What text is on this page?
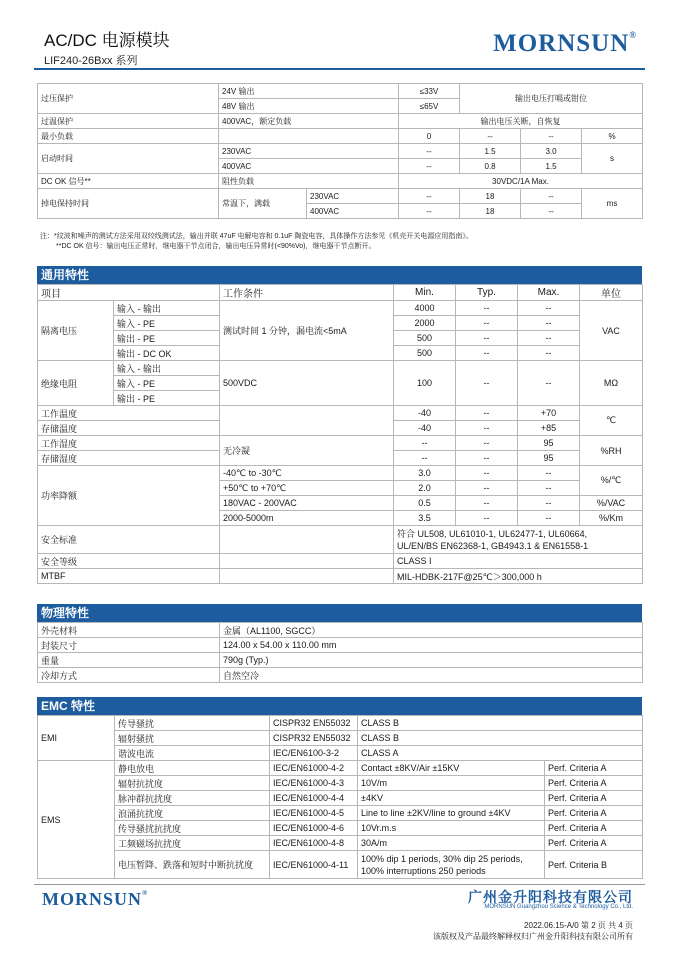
AC/DC 电源模块
LIF240-26Bxx 系列
MORNSUN®
过压保护	24V 输出		≤33V	输出电压打嗝或钳位		
	48V 输出		≤65V			
过温保护	400VAC，额定负载		输出电压关断，自恢复			
最小负载			0	--	--	%
启动时间	230VAC		--	1.5	3.0	s
	400VAC		--	0.8	1.5	
DC OK 信号**	阻性负载		30VDC/1A Max.			
掉电保持时间	常温下，满载	230VAC	--	18	--	ms
		400VAC	--	18	--	
注：*纹波和噪声的测试方法采用双绞线测试法，输出并联 47uF 电解电容和 0.1uF 陶瓷电容，具体操作方法参见《机壳开关电源应用指南》。
**DC OK 信号：输出电压正常时，继电器干节点闭合，输出电压异常时(<90%Vo)，继电器干节点断开。
通用特性
项目		工作条件	Min.	Typ.	Max.	单位
隔离电压	输入 - 输出	测试时间 1 分钟，漏电流<5mA	4000	--	--	VAC
	输入 - PE		2000	--	--	
	输出 - PE		500	--	--	
	输出 - DC OK		500	--	--	
绝缘电阻	输入 - 输出	500VDC	100	--	--	MΩ
	输入 - PE					
	输出 - PE					
工作温度			-40	--	+70	℃
存储温度			-40	--	+85	
工作湿度		无冷凝	--	--	95	%RH
存储湿度			--	--	95	
功率降额		-40℃ to -30℃	3.0	--	--	%/℃
		+50℃ to +70℃	2.0	--	--	
		180VAC - 200VAC	0.5	--	--	%/VAC
		2000-5000m	3.5	--	--	%/Km
安全标准			符合 UL508, UL61010-1, UL62477-1, UL60664,
UL/EN/BS EN62368-1, GB4943.1 & EN61558-1			

安全等级			CLASS I			
MTBF			MIL-HDBK-217F@25℃＞300,000 h			
物理特性
外壳材料	金属（AL1100, SGCC）
封装尺寸	124.00 x 54.00 x 110.00 mm
重量	790g (Typ.)
冷却方式	自然空冷
EMC 特性
EMI	传导骚扰	CISPR32 EN55032	CLASS B	
	辐射骚扰	CISPR32 EN55032	CLASS B	
	谐波电流	IEC/EN6100-3-2	CLASS A	
EMS	静电放电	IEC/EN61000-4-2	Contact ±8KV/Air ±15KV	Perf. Criteria A
	辐射抗扰度	IEC/EN61000-4-3	10V/m	Perf. Criteria A
	脉冲群抗扰度	IEC/EN61000-4-4	±4KV	Perf. Criteria A
	浪涌抗扰度	IEC/EN61000-4-5	Line to line ±2KV/line to ground ±4KV	Perf. Criteria A
	传导骚扰抗扰度	IEC/EN61000-4-6	10Vr.m.s	Perf. Criteria A
	工频磁场抗扰度	IEC/EN61000-4-8	30A/m	Perf. Criteria A
	电压暂降、跌落和短时中断抗扰度	IEC/EN61000-4-11	100% dip 1 periods, 30% dip 25 periods,
100% interruptions 250 periods	Perf. Criteria B
MORNSUN®	广州金升阳科技有限公司
MORNSUN Guangzhou Science & Technology Co., Ltd.
2022.06.15-A/0 第 2 页 共 4 页
该版权及产品最终解释权归广州金升阳科技有限公司所有
